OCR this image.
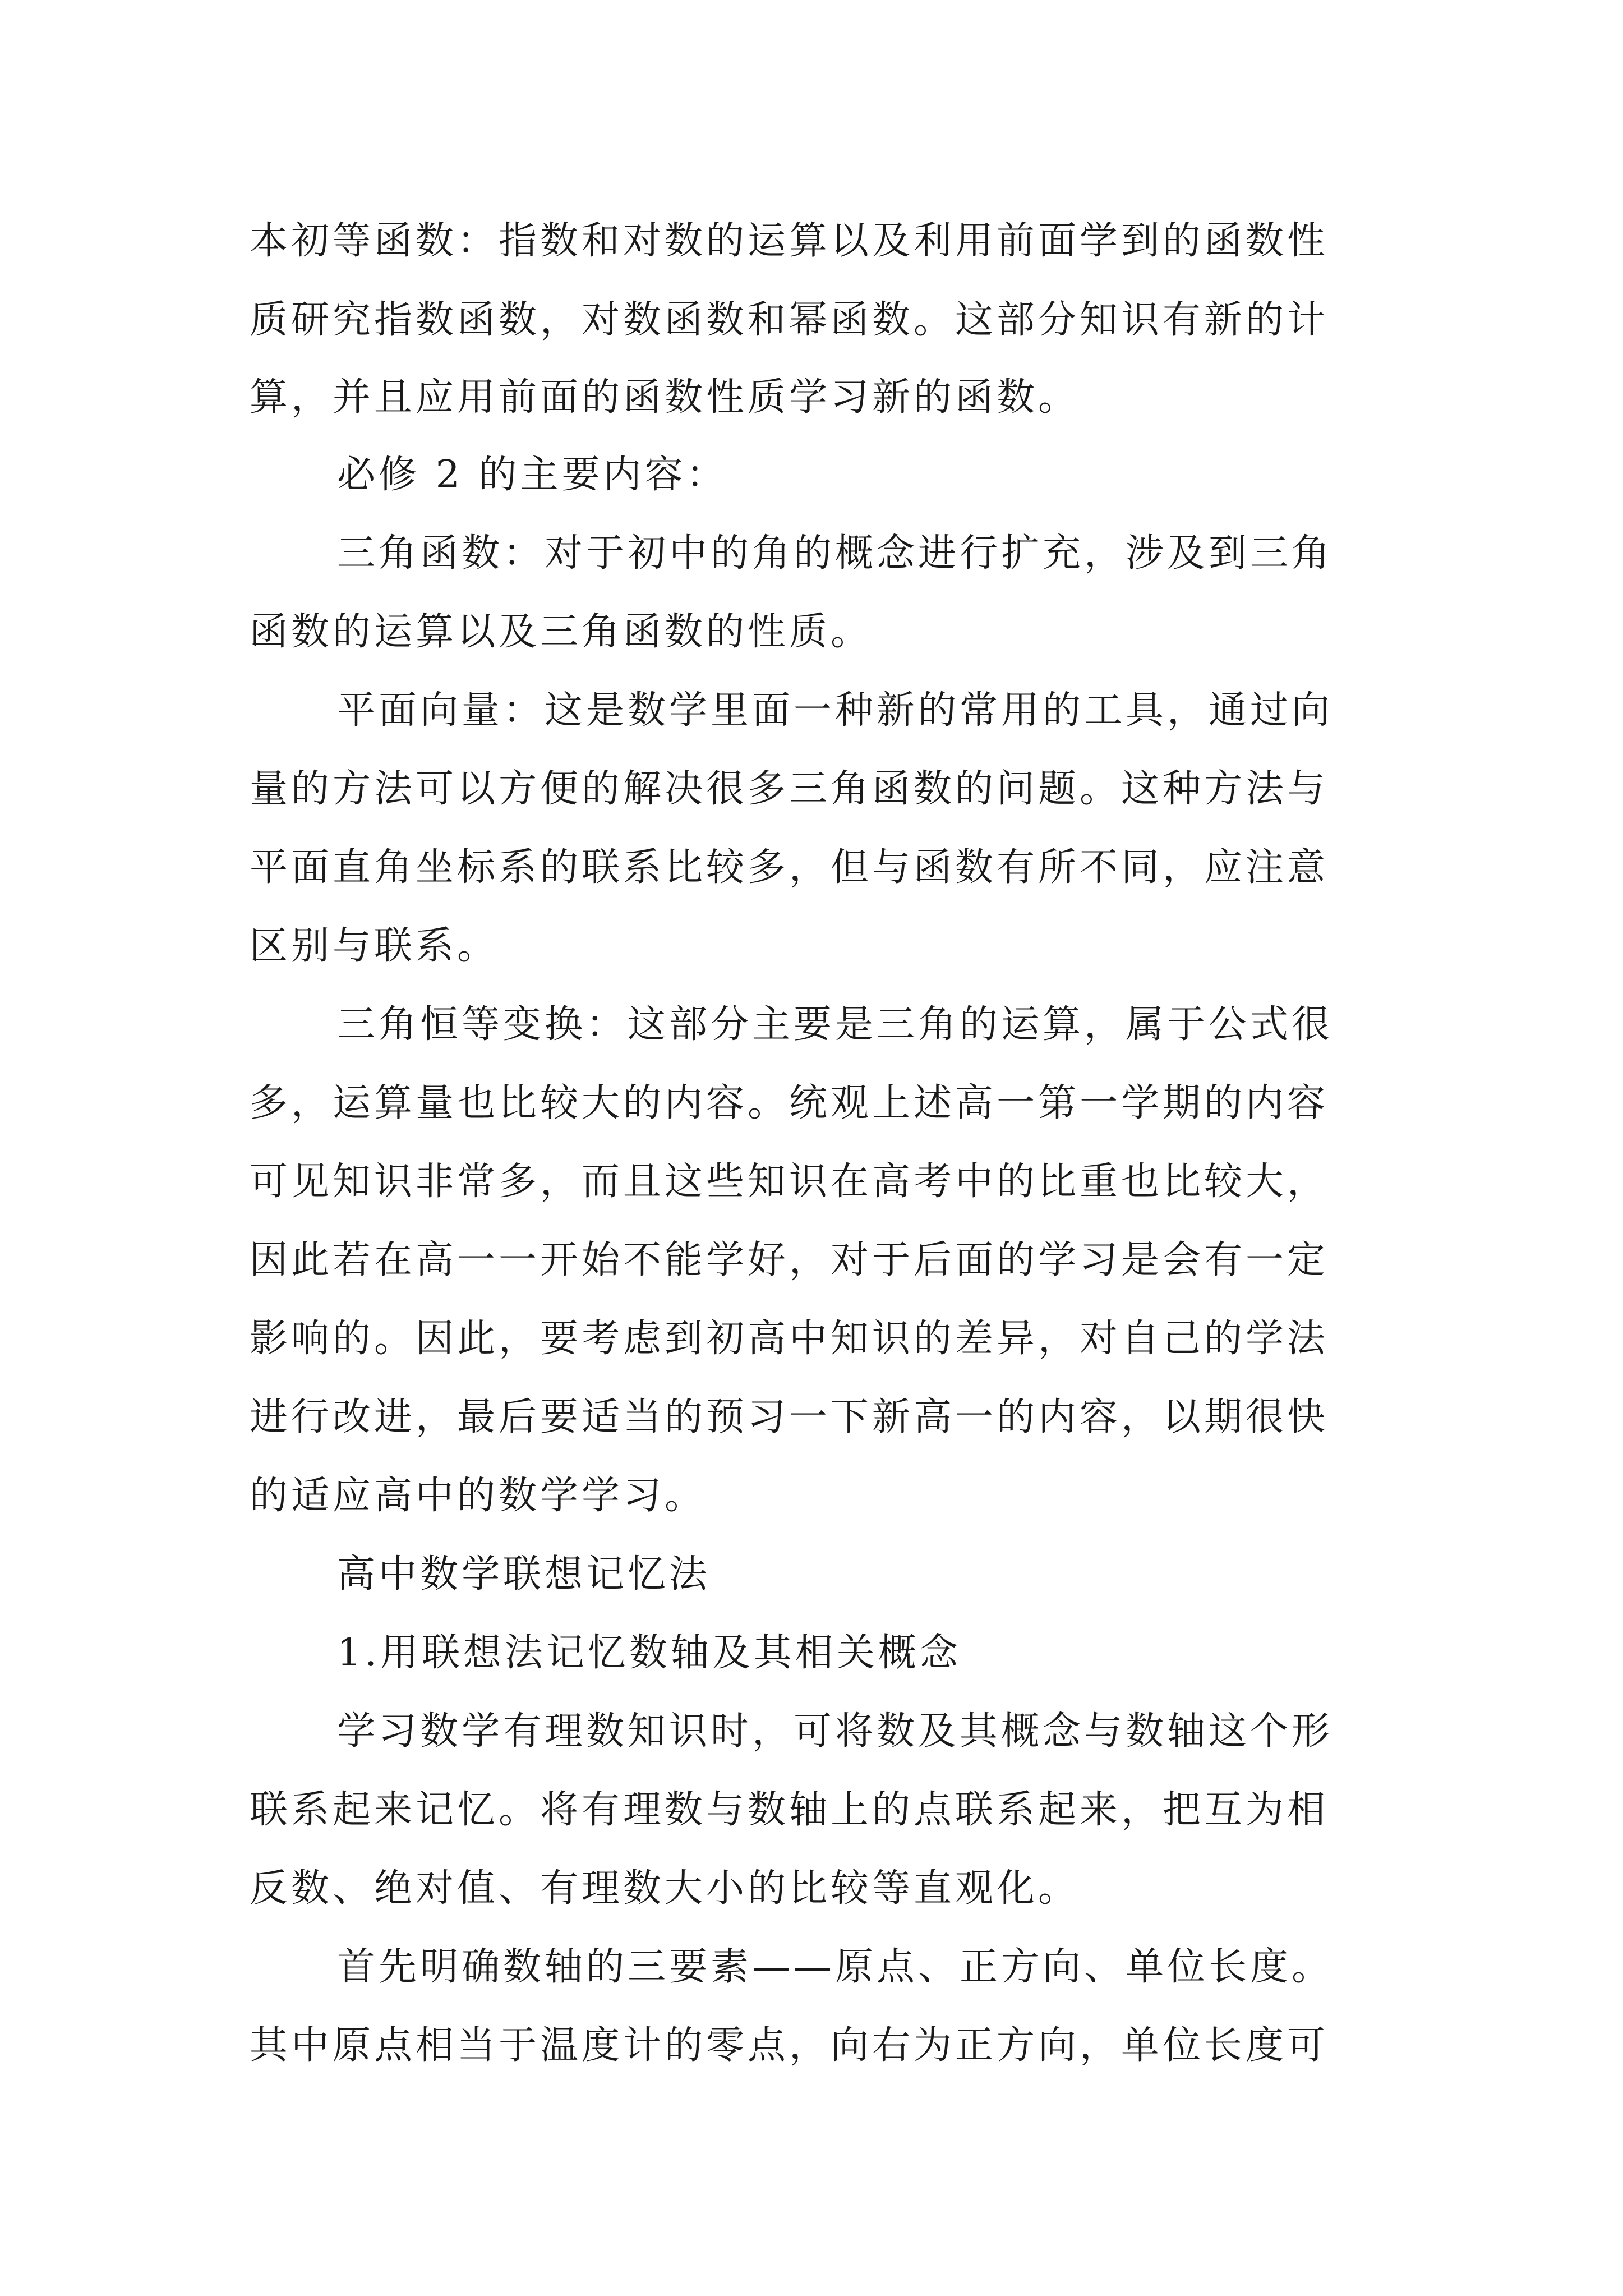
本初等函数：指数和对数的运算以及利用前面学到的函数性
质研究指数函数，对数函数和幂函数。这部分知识有新的计
算，并且应用前面的函数性质学习新的函数。
必修 2 的主要内容：
三角函数：对于初中的角的概念进行扩充，涉及到三角
函数的运算以及三角函数的性质。
平面向量：这是数学里面一种新的常用的工具，通过向
量的方法可以方便的解决很多三角函数的问题。这种方法与
平面直角坐标系的联系比较多，但与函数有所不同，应注意
区别与联系。
三角恒等变换：这部分主要是三角的运算，属于公式很
多，运算量也比较大的内容。统观上述高一第一学期的内容
可见知识非常多，而且这些知识在高考中的比重也比较大，
因此若在高一一开始不能学好，对于后面的学习是会有一定
影响的。因此，要考虑到初高中知识的差异，对自己的学法
进行改进，最后要适当的预习一下新高一的内容，以期很快
的适应高中的数学学习。
高中数学联想记忆法
1.用联想法记忆数轴及其相关概念
学习数学有理数知识时，可将数及其概念与数轴这个形
联系起来记忆。将有理数与数轴上的点联系起来，把互为相
反数、绝对值、有理数大小的比较等直观化。
首先明确数轴的三要素——原点、正方向、单位长度。
其中原点相当于温度计的零点，向右为正方向，单位长度可
